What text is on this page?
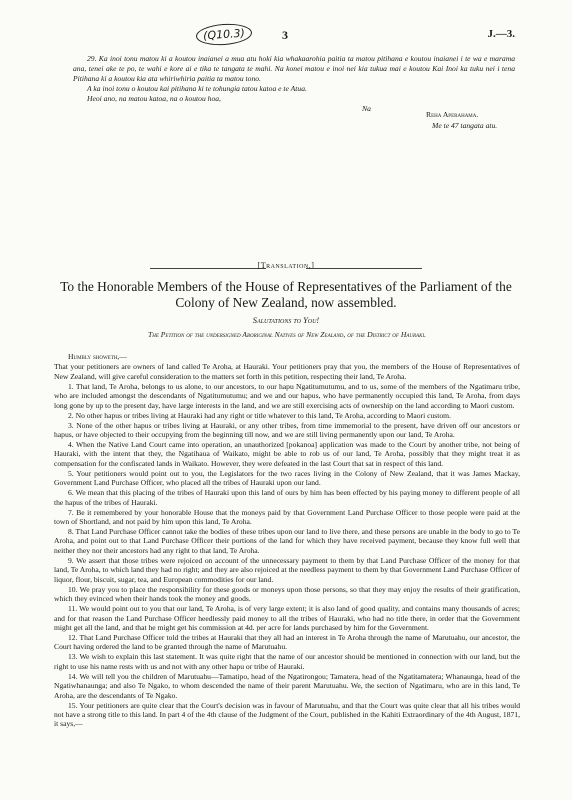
(Q10.3)	3	J.—3.

29. Ka inoi tonu matou ki a koutou inaianei a mua atu hoki kia whakaarohia paitia ta matou pitihana e koutou inaianei i te wa e marama ana, tenei ake te po, te wahi e kore ai e tika te tangata te mahi. Na konei matou e inoi nei kia tukua mai e koutou Kai Inoi ka tuku nei i tena Pitihana ki a koutou kia ata whiriwhiria paitia ta matou tono.

A ka inoi tonu o koutou kai pitihana ki te tohungia tatou katoa e te Atua.

Heoi ano, na matou katoa, na o koutou hoa,

Na
Reha Aperahama.
Me te 47 tangata atu.
[Translation.]
To the Honorable Members of the House of Representatives of the Parliament of the Colony of New Zealand, now assembled.
Salutations to You!
The Petition of the undersigned Aboriginal Natives of New Zealand, of the District of Hauraki.
Humbly showeth,—

That your petitioners are owners of land called Te Aroha, at Hauraki. Your petitioners pray that you, the members of the House of Representatives of New Zealand, will give careful consideration to the matters set forth in this petition, respecting their land, Te Aroha.

1. That land, Te Aroha, belongs to us alone, to our ancestors, to our hapu Ngatitumutumu, and to us, some of the members of the Ngatimaru tribe, who are included amongst the descendants of Ngatitumutumu; and we and our hapus, who have permanently occupied this land, Te Aroha, from days long gone by up to the present day, have large interests in the land, and we are still exercising acts of ownership on the land according to Maori custom.

2. No other hapus or tribes living at Hauraki had any right or title whatever to this land, Te Aroha, according to Maori custom.

3. None of the other hapus or tribes living at Hauraki, or any other tribes, from time immemorial to the present, have driven off our ancestors or hapus, or have objected to their occupying from the beginning till now, and we are still living permanently upon our land, Te Aroha.

4. When the Native Land Court came into operation, an unauthorized [pokanoa] application was made to the Court by another tribe, not being of Hauraki, with the intent that they, the Ngatihaua of Waikato, might be able to rob us of our land, Te Aroha, possibly that they might treat it as compensation for the confiscated lands in Waikato. However, they were defeated in the last Court that sat in respect of this land.

5. Your petitioners would point out to you, the Legislators for the two races living in the Colony of New Zealand, that it was James Mackay, Government Land Purchase Officer, who placed all the tribes of Hauraki upon our land.

6. We mean that this placing of the tribes of Hauraki upon this land of ours by him has been effected by his paying money to different people of all the hapus of the tribes of Hauraki.

7. Be it remembered by your honorable House that the moneys paid by that Government Land Purchase Officer to those people were paid at the town of Shortland, and not paid by him upon this land, Te Aroha.

8. That Land Purchase Officer cannot take the bodies of these tribes upon our land to live there, and these persons are unable in the body to go to Te Aroha, and point out to that Land Purchase Officer their portions of the land for which they have received payment, because they know full well that neither they nor their ancestors had any right to that land, Te Aroha.

9. We assert that those tribes were rejoiced on account of the unnecessary payment to them by that Land Purchase Officer of the money for that land, Te Aroha, to which land they had no right; and they are also rejoiced at the needless payment to them by that Government Land Purchase Officer of liquor, flour, biscuit, sugar, tea, and European commodities for our land.

10. We pray you to place the responsibility for these goods or moneys upon those persons, so that they may enjoy the results of their gratification, which they evinced when their hands took the money and goods.

11. We would point out to you that our land, Te Aroha, is of very large extent; it is also land of good quality, and contains many thousands of acres; and for that reason the Land Purchase Officer heedlessly paid money to all the tribes of Hauraki, who had no title there, in order that the Government might get all the land, and that he might get his commission at 4d. per acre for lands purchased by him for the Government.

12. That Land Purchase Officer told the tribes at Hauraki that they all had an interest in Te Aroha through the name of Marutuahu, our ancestor, the Court having ordered the land to be granted through the name of Marutuahu.

13. We wish to explain this last statement. It was quite right that the name of our ancestor should be mentioned in connection with our land, but the right to use his name rests with us and not with any other hapu or tribe of Hauraki.

14. We will tell you the children of Marutuahu—Tamatipo, head of the Ngatirongou; Tamatera, head of the Ngatitamatera; Whanaunga, head of the Ngatiwhanaunga; and also Te Ngako, to whom descended the name of their parent Marutuahu. We, the section of Ngatimaru, who are in this land, Te Aroha, are the descendants of Te Ngako.

15. Your petitioners are quite clear that the Court's decision was in favour of Marutuahu, and that the Court was quite clear that all his tribes would not have a strong title to this land. In part 4 of the 4th clause of the Judgment of the Court, published in the Kahiti Extraordinary of the 4th August, 1871, it says,—
